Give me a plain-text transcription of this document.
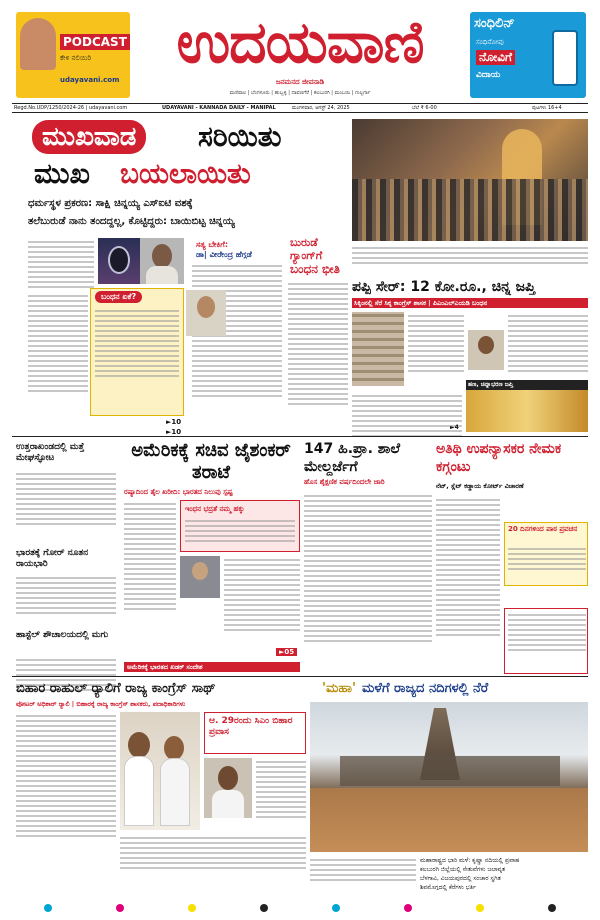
PODCAST
ಕೇಳಿ ನಲಿಯಿರಿ
udayavani.com
ಉದಯವಾಣಿ
ಜನಮನದ ಜೀವನಾಡಿ
ಮಣಿಪಾಲ | ಬೆಂಗಳೂರು | ಹುಬ್ಬಳ್ಳಿ | ದಾವಣಗೆರೆ | ಕಲಬುರಗಿ | ಮಂಬಯಿ | ಗುಲ್ಬರ್ಗಾ
ಸಂಧಿಲಿನ್
ಸಂಧಿನೋವು
ನೋವಿಗೆ
ವಿದಾಯ
Regd.No.UDP/1250/2024-26 | udayavani.com	UDAYAVANI - KANNADA DAILY - MANIPAL	ಮಂಗಳವಾರ, ಆಗಸ್ಟ್ 24, 2025	ಬೆಲೆ ₹ 6-00	ಪುಟಗಳು 16+4
ಮುಖವಾಡ	ಸರಿಯಿತು
ಮುಖ ಬಯಲಾಯಿತು
ಧರ್ಮಸ್ಥಳ ಪ್ರಕರಣ: ಸಾಕ್ಷಿ ಚಿನ್ನಯ್ಯ ಎಸ್‌ಐಟಿ ವಶಕ್ಕೆ
ತಲೆಬುರುಡೆ ನಾನು ತಂದದ್ದಲ್ಲ, ಕೊಟ್ಟಿದ್ದರು: ಬಾಯಿಬಿಟ್ಟ ಚಿನ್ನಯ್ಯ
ಬಂಧನ ಏಕೆ?
ಸತ್ಯ ಬೇಕಿಗೆ:
ಡಾ| ವೀರೇಂದ್ರ ಹೆಗ್ಗಡೆ
ಬುರುಡೆ ಗ್ಯಾಂಗ್‌ಗೆ
ಬಂಧನ ಭೀತಿ

►10
►10
ಪಪ್ಪಿ ಸೇರ್: 12 ಕೋ.ರೂ., ಚಿನ್ನ ಜಪ್ತಿ
ಸಿಕ್ಕಿಂನಲ್ಲಿ ಸೆರೆ ಸಿಕ್ಕ ಕಾಂಗ್ರೆಸ್ ಶಾಸಕ | ಪಿಎಂಎಲ್‌ಎಯಡಿ ಬಂಧನ
ಹಣ, ಚಿನ್ನಾಭರಣ ಜಪ್ತಿ
►4
ಉತ್ತರಾಖಂಡದಲ್ಲಿ ಮತ್ತೆ ಮೇಘಸ್ಫೋಟ
ಭಾರತಕ್ಕೆ ಗೋರ್ ನೂತನ ರಾಯಭಾರಿ
ಹಾಸ್ಟೆಲ್ ಶೌಚಾಲಯದಲ್ಲಿ ಮಗು
ಅಮೆರಿಕಕ್ಕೆ ಸಚಿವ ಜೈಶಂಕರ್ ತರಾಟೆ
ರಷ್ಯಾದಿಂದ ತೈಲ ಖರೀದಿ: ಭಾರತದ ನಿಲುವು ಸ್ಪಷ್ಟ
ಇಂಧನ ಭದ್ರತೆ ನಮ್ಮ ಹಕ್ಕು
►05
ಅಮೆರಿಕಕ್ಕೆ ಭಾರತದ ಖಡಕ್ ಸಂದೇಶ
147 ಹಿ.ಪ್ರಾ. ಶಾಲೆ ಮೇಲ್ದರ್ಜೆಗೆ
ಹೊಸ ಶೈಕ್ಷಣಿಕ ವರ್ಷದಿಂದಲೇ ಜಾರಿ
ಅತಿಥಿ ಉಪನ್ಯಾಸಕರ ನೇಮಕ ಕಗ್ಗಂಟು
ನೆಟ್, ಸ್ಲೆಟ್ ಕಡ್ಡಾಯ ಕೋರ್ಟ್ ವಿಚಾರಣೆ
20 ದಿನಗಳಿಂದ ಪಾಠ ಪ್ರವಚನ
ಬಿಹಾರ ರಾಹುಲ್ ರ‍್ಯಾಲಿಗೆ ರಾಜ್ಯ ಕಾಂಗ್ರೆಸ್ ಸಾಥ್
ವೋಟರ್ ಅಧಿಕಾರ್ ರ‍್ಯಾಲಿ | ಬಿಹಾರಕ್ಕೆ ರಾಜ್ಯ ಕಾಂಗ್ರೆಸ್ ಶಾಸಕರು, ಪದಾಧಿಕಾರಿಗಳು
ಆ. 29ರಂದು ಸಿಎಂ ಬಿಹಾರ ಪ್ರವಾಸ
'ಮಹಾ' ಮಳೆಗೆ ರಾಜ್ಯದ ನದಿಗಳಲ್ಲಿ ನೆರೆ
ಮಹಾರಾಷ್ಟ್ರದ ಭಾರಿ ಮಳೆ: ಕೃಷ್ಣಾ ನದಿಯಲ್ಲಿ ಪ್ರವಾಹ
ಕಲಬುರಗಿ ಜಿಲ್ಲೆಯಲ್ಲಿ ಸೇತುವೆಗಳು ಜಲಾವೃತ
ಬೆಳಗಾವಿ, ವಿಜಯಪುರದಲ್ಲಿ ಸಂಚಾರ ಸ್ಥಗಿತ
ಶಿವಮೊಗ್ಗದಲ್ಲಿ ಕೆರೆಗಳು ಭರ್ತಿ
